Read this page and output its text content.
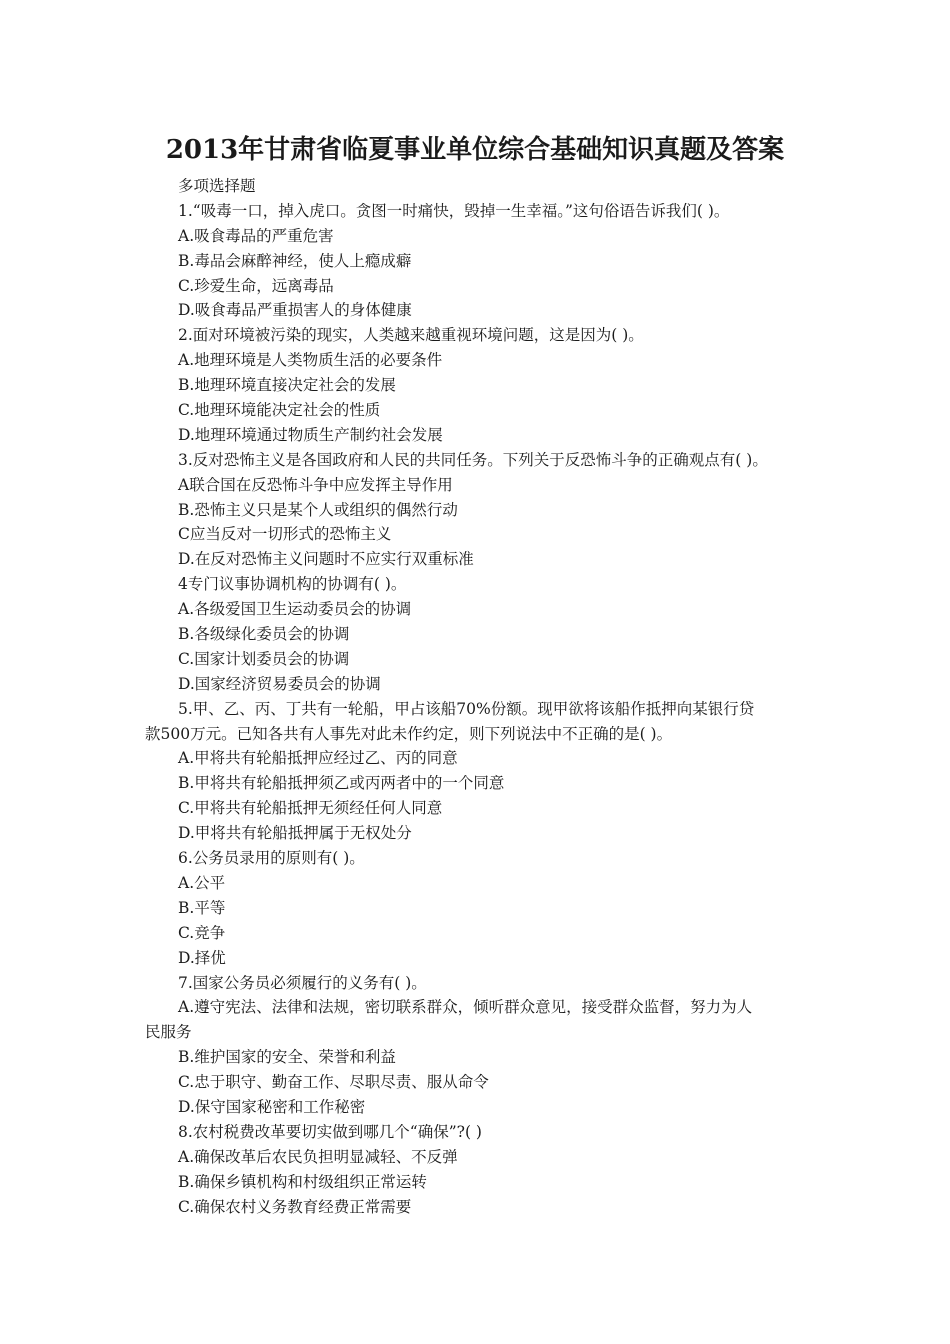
2013年甘肃省临夏事业单位综合基础知识真题及答案
多项选择题
1.“吸毒一口，掉入虎口。贪图一时痛快，毁掉一生幸福。”这句俗语告诉我们( )。
A.吸食毒品的严重危害
B.毒品会麻醉神经，使人上瘾成癖
C.珍爱生命，远离毒品
D.吸食毒品严重损害人的身体健康
2.面对环境被污染的现实，人类越来越重视环境问题，这是因为( )。
A.地理环境是人类物质生活的必要条件
B.地理环境直接决定社会的发展
C.地理环境能决定社会的性质
D.地理环境通过物质生产制约社会发展
3.反对恐怖主义是各国政府和人民的共同任务。下列关于反恐怖斗争的正确观点有( )。
A联合国在反恐怖斗争中应发挥主导作用
B.恐怖主义只是某个人或组织的偶然行动
C应当反对一切形式的恐怖主义
D.在反对恐怖主义问题时不应实行双重标准
4专门议事协调机构的协调有( )。
A.各级爱国卫生运动委员会的协调
B.各级绿化委员会的协调
C.国家计划委员会的协调
D.国家经济贸易委员会的协调
5.甲、乙、丙、丁共有一轮船，甲占该船70%份额。现甲欲将该船作抵押向某银行贷
款500万元。已知各共有人事先对此未作约定，则下列说法中不正确的是( )。
A.甲将共有轮船抵押应经过乙、丙的同意
B.甲将共有轮船抵押须乙或丙两者中的一个同意
C.甲将共有轮船抵押无须经任何人同意
D.甲将共有轮船抵押属于无权处分
6.公务员录用的原则有( )。
A.公平
B.平等
C.竞争
D.择优
7.国家公务员必须履行的义务有( )。
A.遵守宪法、法律和法规，密切联系群众，倾听群众意见，接受群众监督，努力为人
民服务
B.维护国家的安全、荣誉和利益
C.忠于职守、勤奋工作、尽职尽责、服从命令
D.保守国家秘密和工作秘密
8.农村税费改革要切实做到哪几个“确保”?( )
A.确保改革后农民负担明显减轻、不反弹
B.确保乡镇机构和村级组织正常运转
C.确保农村义务教育经费正常需要
